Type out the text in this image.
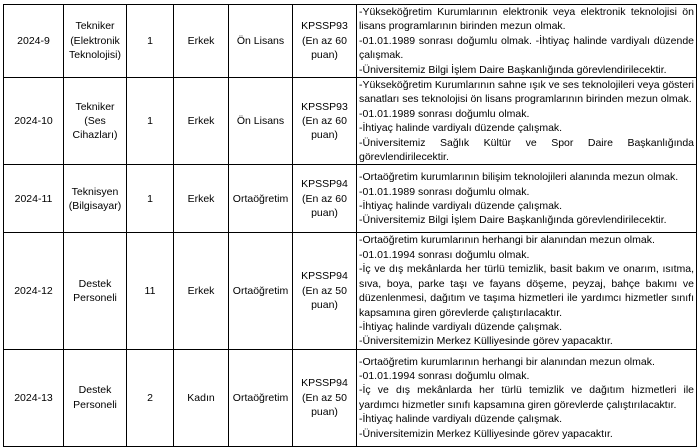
2024-9	Tekniker (Elektronik Teknolojisi)	1	Erkek	Ön Lisans	KPSSP93 (En az 60 puan)	-Yükseköğretim Kurumlarının elektronik veya elektronik teknolojisi ön lisans programlarının birinden mezun olmak.
-01.01.1989 sonrası doğumlu olmak. -İhtiyaç halinde vardiyalı düzende çalışmak.
-Üniversitemiz Bilgi İşlem Daire Başkanlığında görevlendirilecektir.

2024-10	Tekniker (Ses Cihazları)	1	Erkek	Ön Lisans	KPSSP93 (En az 60 puan)	-Yükseköğretim Kurumlarının sahne ışık ve ses teknolojileri veya gösteri sanatları ses teknolojisi ön lisans programlarının birinden mezun olmak.
-01.01.1989 sonrası doğumlu olmak.
-İhtiyaç halinde vardiyalı düzende çalışmak.
-Üniversitemiz Sağlık Kültür ve Spor Daire Başkanlığında görevlendirilecektir.

2024-11	Teknisyen (Bilgisayar)	1	Erkek	Ortaöğretim	KPSSP94 (En az 60 puan)	-Ortaöğretim kurumlarının bilişim teknolojileri alanında mezun olmak.
-01.01.1989 sonrası doğumlu olmak.
-İhtiyaç halinde vardiyalı düzende çalışmak.
-Üniversitemiz Bilgi İşlem Daire Başkanlığında görevlendirilecektir.

2024-12	Destek Personeli	11	Erkek	Ortaöğretim	KPSSP94 (En az 50 puan)	-Ortaöğretim kurumlarının herhangi bir alanından mezun olmak.
-01.01.1994 sonrası doğumlu olmak.
-İç ve dış mekânlarda her türlü temizlik, basit bakım ve onarım, ısıtma, sıva, boya, parke taşı ve fayans döşeme, peyzaj, bahçe bakımı ve düzenlenmesi, dağıtım ve taşıma hizmetleri ile yardımcı hizmetler sınıfı kapsamına giren görevlerde çalıştırılacaktır.
-İhtiyaç halinde vardiyalı düzende çalışmak.
-Üniversitemizin Merkez Külliyesinde görev yapacaktır.

2024-13	Destek Personeli	2	Kadın	Ortaöğretim	KPSSP94 (En az 50 puan)	-Ortaöğretim kurumlarının herhangi bir alanından mezun olmak.
-01.01.1994 sonrası doğumlu olmak.
-İç ve dış mekânlarda her türlü temizlik ve dağıtım hizmetleri ile yardımcı hizmetler sınıfı kapsamına giren görevlerde çalıştırılacaktır.
-İhtiyaç halinde vardiyalı düzende çalışmak.
-Üniversitemizin Merkez Külliyesinde görev yapacaktır.
